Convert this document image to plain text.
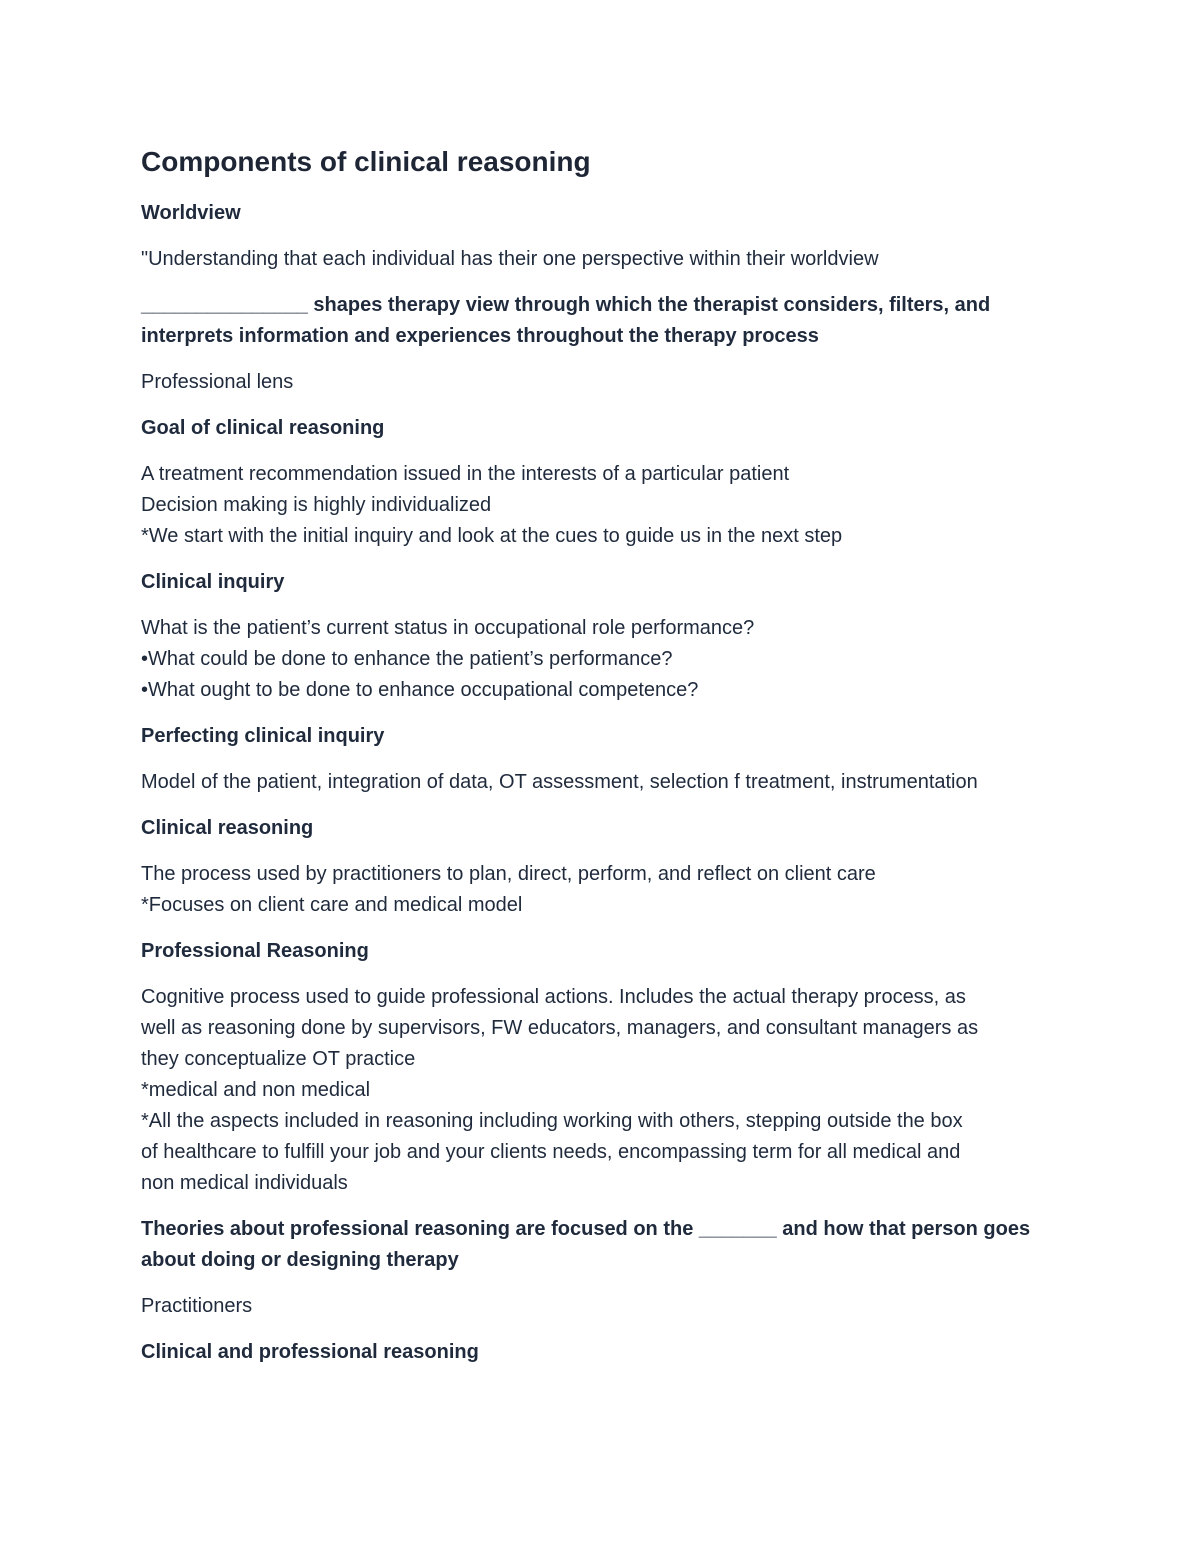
Components of clinical reasoning

Worldview

"Understanding that each individual has their one perspective within their worldview

_______________ shapes therapy view through which the therapist considers, filters, and
interprets information and experiences throughout the therapy process

Professional lens

Goal of clinical reasoning

A treatment recommendation issued in the interests of a particular patient
Decision making is highly individualized
*We start with the initial inquiry and look at the cues to guide us in the next step

Clinical inquiry

What is the patient’s current status in occupational role performance?
•What could be done to enhance the patient’s performance?
•What ought to be done to enhance occupational competence?

Perfecting clinical inquiry

Model of the patient, integration of data, OT assessment, selection f treatment, instrumentation

Clinical reasoning

The process used by practitioners to plan, direct, perform, and reflect on client care
*Focuses on client care and medical model

Professional Reasoning

Cognitive process used to guide professional actions. Includes the actual therapy process, as
well as reasoning done by supervisors, FW educators, managers, and consultant managers as
they conceptualize OT practice
*medical and non medical
*All the aspects included in reasoning including working with others, stepping outside the box
of healthcare to fulfill your job and your clients needs, encompassing term for all medical and
non medical individuals

Theories about professional reasoning are focused on the _______ and how that person goes
about doing or designing therapy

Practitioners

Clinical and professional reasoning
